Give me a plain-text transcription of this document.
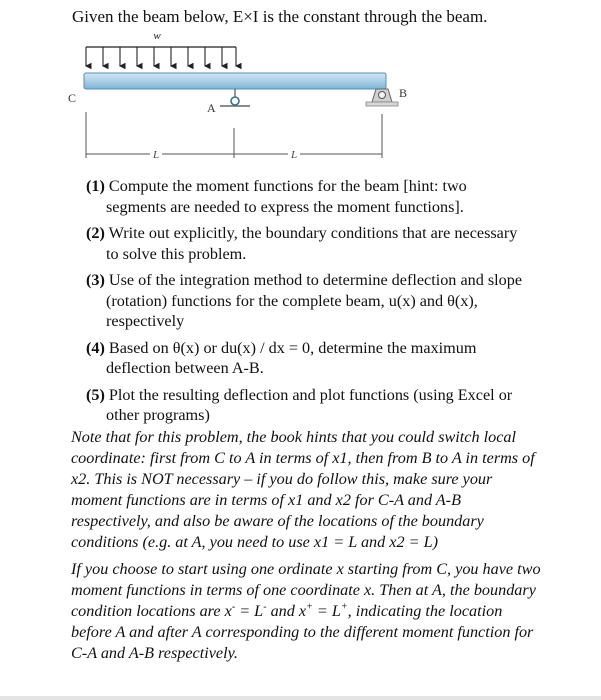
Given the beam below, E×I is the constant through the beam.
w
C
A
B
L	L

(1) Compute the moment functions for the beam [hint: two segments are needed to express the moment functions].

(2) Write out explicitly, the boundary conditions that are necessary to solve this problem.

(3) Use of the integration method to determine deflection and slope (rotation) functions for the complete beam, u(x) and θ(x), respectively

(4) Based on θ(x) or du(x) / dx = 0, determine the maximum deflection between A-B.

(5) Plot the resulting deflection and plot functions (using Excel or other programs)

Note that for this problem, the book hints that you could switch local coordinate: first from C to A in terms of x1, then from B to A in terms of x2. This is NOT necessary – if you do follow this, make sure your moment functions are in terms of x1 and x2 for C-A and A-B respectively, and also be aware of the locations of the boundary conditions (e.g. at A, you need to use x1 = L and x2 = L)

If you choose to start using one ordinate x starting from C, you have two moment functions in terms of one coordinate x. Then at A, the boundary condition locations are x- = L- and x+ = L+, indicating the location before A and after A corresponding to the different moment function for C-A and A-B respectively.
